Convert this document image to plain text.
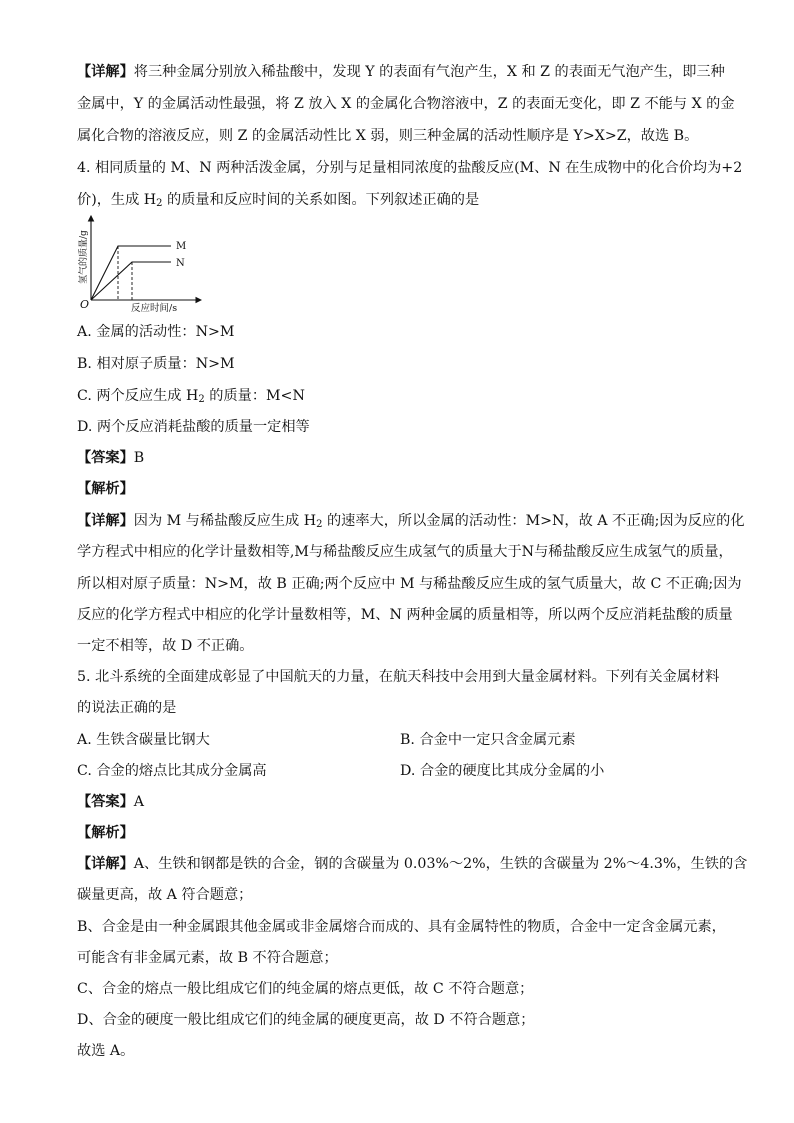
【详解】将三种金属分别放入稀盐酸中，发现 Y 的表面有气泡产生，X 和 Z 的表面无气泡产生，即三种
金属中，Y 的金属活动性最强，将 Z 放入 X 的金属化合物溶液中，Z 的表面无变化，即 Z 不能与 X 的金
属化合物的溶液反应，则 Z 的金属活动性比 X 弱，则三种金属的活动性顺序是 Y>X>Z，故选 B。
4. 相同质量的 M、N 两种活泼金属，分别与足量相同浓度的盐酸反应(M、N 在生成物中的化合价均为+2
价)，生成 $H_2$ 的质量和反应时间的关系如图。下列叙述正确的是
M
N
O	反应时间/s
氢气的质量/g
A. 金属的活动性：N>M
B. 相对原子质量：N>M
C. 两个反应生成 $H_2$ 的质量：M<N
D. 两个反应消耗盐酸的质量一定相等
【答案】B
【解析】
【详解】因为 M 与稀盐酸反应生成 $H_2$ 的速率大，所以金属的活动性：M>N，故 A 不正确;因为反应的化
学方程式中相应的化学计量数相等,M与稀盐酸反应生成氢气的质量大于N与稀盐酸反应生成氢气的质量，
所以相对原子质量：N>M，故 B 正确;两个反应中 M 与稀盐酸反应生成的氢气质量大，故 C 不正确;因为
反应的化学方程式中相应的化学计量数相等，M、N 两种金属的质量相等，所以两个反应消耗盐酸的质量
一定不相等，故 D 不正确。
5. 北斗系统的全面建成彰显了中国航天的力量，在航天科技中会用到大量金属材料。下列有关金属材料
的说法正确的是
A. 生铁含碳量比钢大	B. 合金中一定只含金属元素
C. 合金的熔点比其成分金属高	D. 合金的硬度比其成分金属的小
【答案】A
【解析】
【详解】A、生铁和钢都是铁的合金，钢的含碳量为 0.03%～2%，生铁的含碳量为 2%～4.3%，生铁的含
碳量更高，故 A 符合题意；
B、合金是由一种金属跟其他金属或非金属熔合而成的、具有金属特性的物质，合金中一定含金属元素，
可能含有非金属元素，故 B 不符合题意；
C、合金的熔点一般比组成它们的纯金属的熔点更低，故 C 不符合题意；
D、合金的硬度一般比组成它们的纯金属的硬度更高，故 D 不符合题意；
故选 A。
